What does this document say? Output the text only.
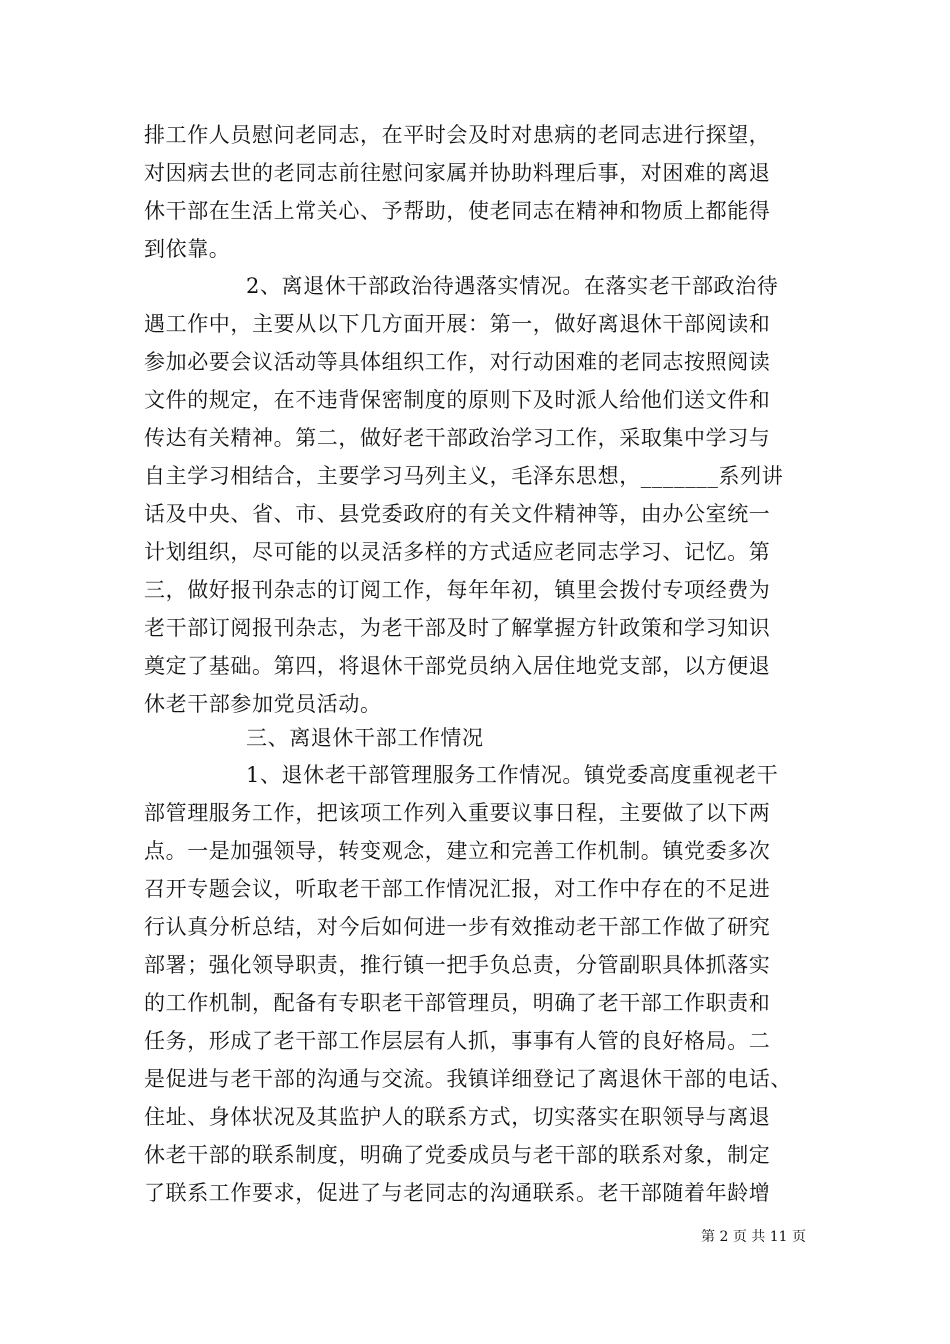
排工作人员慰问老同志，在平时会及时对患病的老同志进行探望，
对因病去世的老同志前往慰问家属并协助料理后事，对困难的离退
休干部在生活上常关心、予帮助，使老同志在精神和物质上都能得
到依靠。
2、离退休干部政治待遇落实情况。在落实老干部政治待
遇工作中，主要从以下几方面开展：第一，做好离退休干部阅读和
参加必要会议活动等具体组织工作，对行动困难的老同志按照阅读
文件的规定，在不违背保密制度的原则下及时派人给他们送文件和
传达有关精神。第二，做好老干部政治学习工作，采取集中学习与
自主学习相结合，主要学习马列主义，毛泽东思想，_______系列讲
话及中央、省、市、县党委政府的有关文件精神等，由办公室统一
计划组织，尽可能的以灵活多样的方式适应老同志学习、记忆。第
三，做好报刊杂志的订阅工作，每年年初，镇里会拨付专项经费为
老干部订阅报刊杂志，为老干部及时了解掌握方针政策和学习知识
奠定了基础。第四，将退休干部党员纳入居住地党支部，以方便退
休老干部参加党员活动。
三、离退休干部工作情况
1、退休老干部管理服务工作情况。镇党委高度重视老干
部管理服务工作，把该项工作列入重要议事日程，主要做了以下两
点。一是加强领导，转变观念，建立和完善工作机制。镇党委多次
召开专题会议，听取老干部工作情况汇报，对工作中存在的不足进
行认真分析总结，对今后如何进一步有效推动老干部工作做了研究
部署；强化领导职责，推行镇一把手负总责，分管副职具体抓落实
的工作机制，配备有专职老干部管理员，明确了老干部工作职责和
任务，形成了老干部工作层层有人抓，事事有人管的良好格局。二
是促进与老干部的沟通与交流。我镇详细登记了离退休干部的电话、
住址、身体状况及其监护人的联系方式，切实落实在职领导与离退
休老干部的联系制度，明确了党委成员与老干部的联系对象，制定
了联系工作要求，促进了与老同志的沟通联系。老干部随着年龄增
第 2 页 共 11 页
